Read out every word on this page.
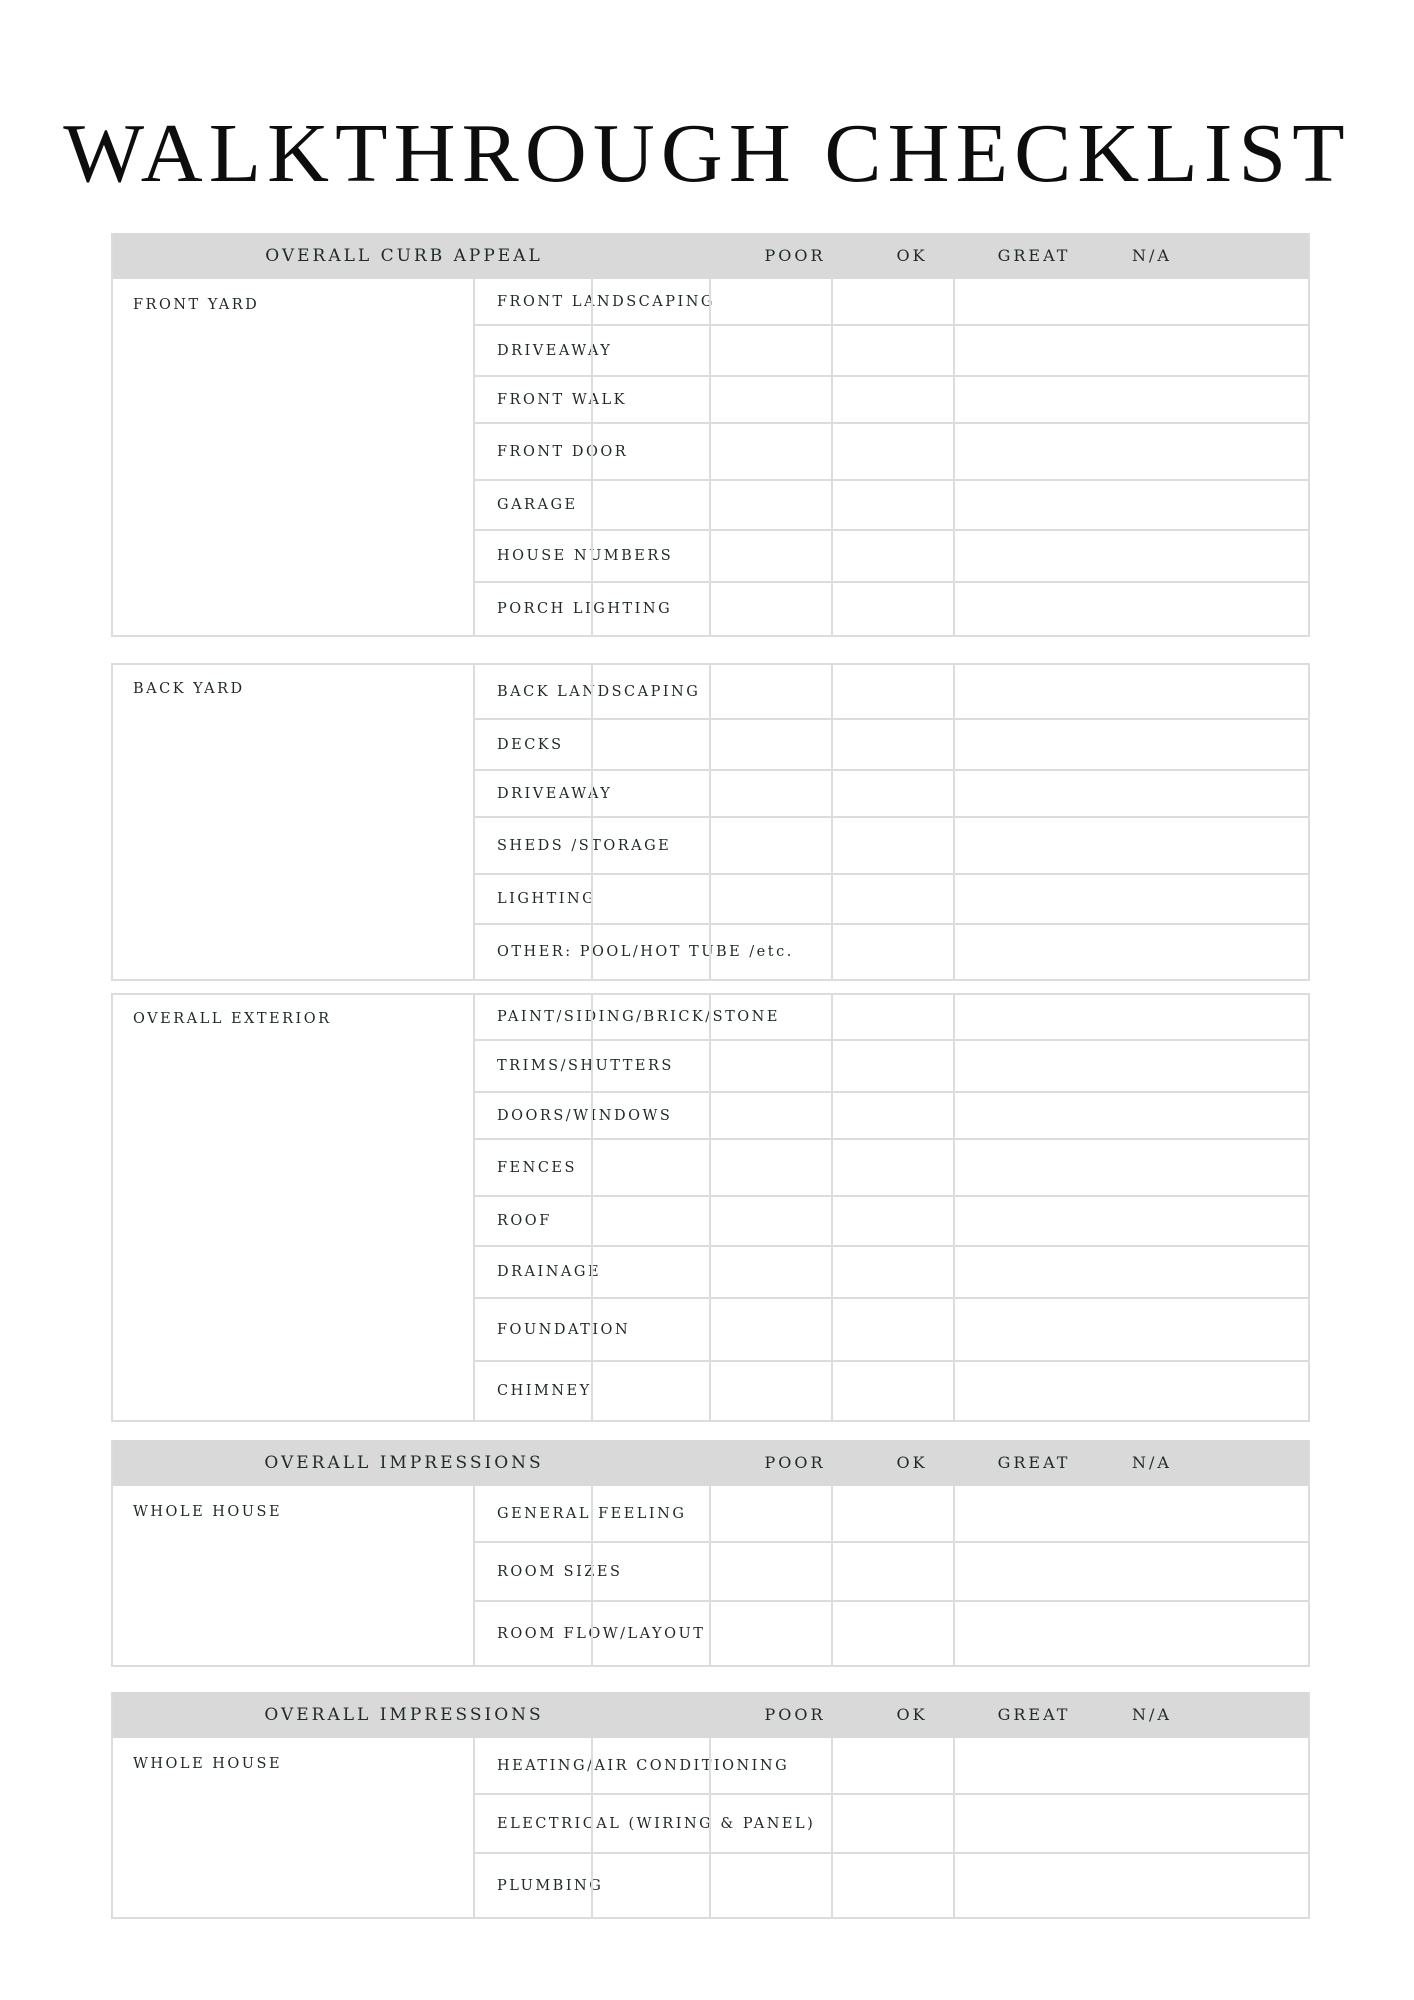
WALKTHROUGH CHECKLIST
OVERALL CURB APPEAL	POOR	OK	GREAT	N/A
FRONT YARD	FRONT LANDSCAPING
DRIVEAWAY
FRONT WALK
FRONT DOOR
GARAGE
HOUSE NUMBERS
PORCH LIGHTING
BACK YARD	BACK LANDSCAPING
DECKS
DRIVEAWAY
SHEDS /STORAGE
LIGHTING
OTHER: POOL/HOT TUBE /etc.
OVERALL EXTERIOR	PAINT/SIDING/BRICK/STONE
TRIMS/SHUTTERS
DOORS/WINDOWS
FENCES
ROOF
DRAINAGE
FOUNDATION
CHIMNEY
OVERALL IMPRESSIONS	POOR	OK	GREAT	N/A
WHOLE HOUSE	GENERAL FEELING
ROOM SIZES
ROOM FLOW/LAYOUT
OVERALL IMPRESSIONS	POOR	OK	GREAT	N/A
WHOLE HOUSE	HEATING/AIR CONDITIONING
ELECTRICAL (WIRING & PANEL)
PLUMBING
